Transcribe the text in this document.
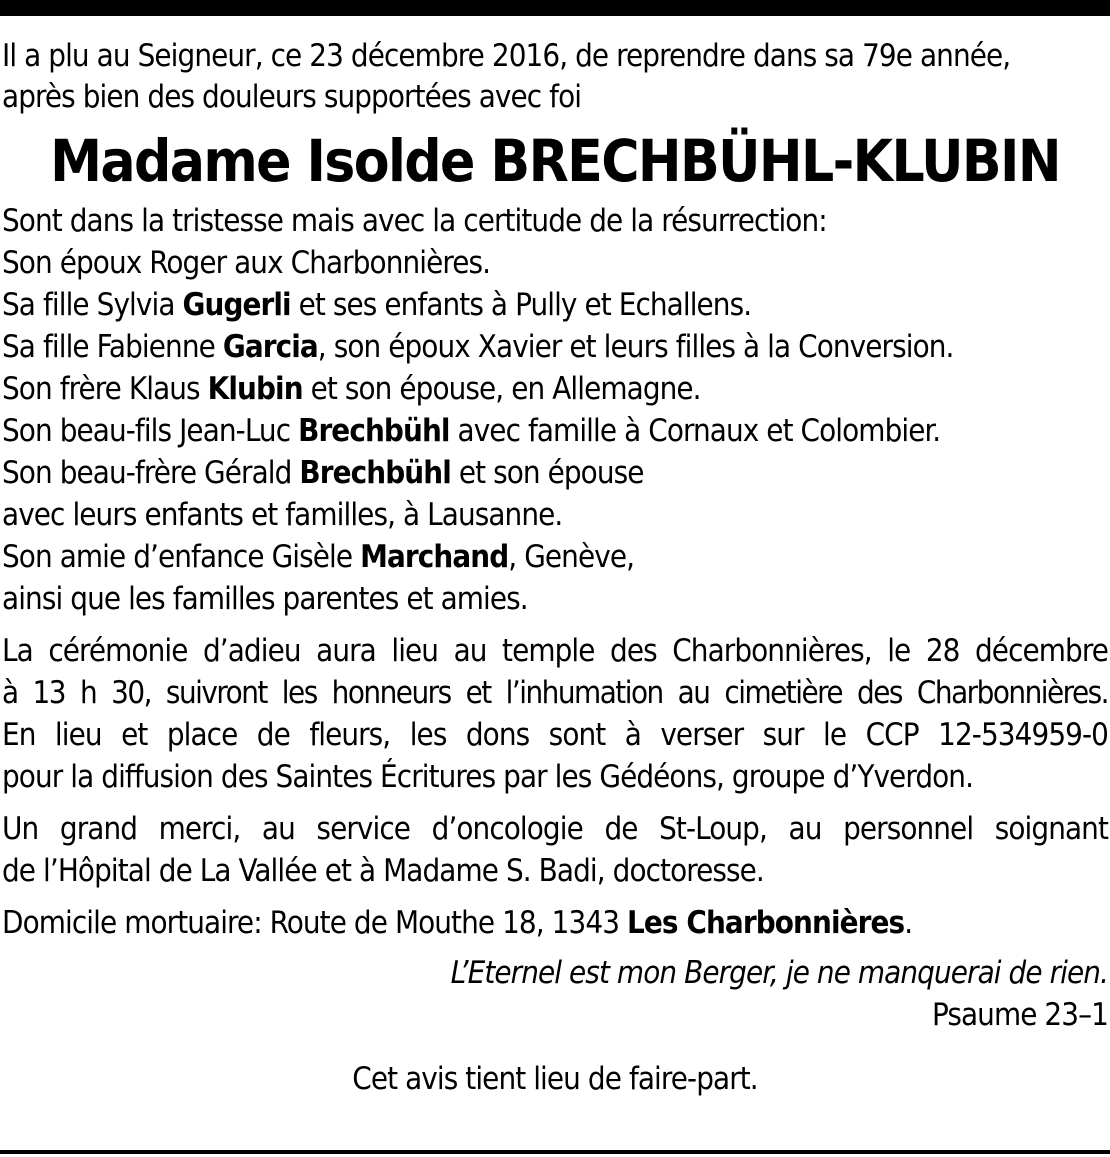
Il a plu au Seigneur, ce 23 décembre 2016, de reprendre dans sa 79e année,

après bien des douleurs supportées avec foi

Madame Isolde BRECHBÜHL-KLUBIN

Sont dans la tristesse mais avec la certitude de la résurrection:

Son époux Roger aux Charbonnières.

Sa fille Sylvia Gugerli et ses enfants à Pully et Echallens.

Sa fille Fabienne Garcia, son époux Xavier et leurs filles à la Conversion.

Son frère Klaus Klubin et son épouse, en Allemagne.

Son beau-fils Jean-Luc Brechbühl avec famille à Cornaux et Colombier.

Son beau-frère Gérald Brechbühl et son épouse

avec leurs enfants et familles, à Lausanne.

Son amie d’enfance Gisèle Marchand, Genève,

ainsi que les familles parentes et amies.

La cérémonie d’adieu aura lieu au temple des Charbonnières, le 28 décembre

à 13 h 30, suivront les honneurs et l’inhumation au cimetière des Charbonnières.

En lieu et place de fleurs, les dons sont à verser sur le CCP 12-534959-0

pour la diffusion des Saintes Écritures par les Gédéons, groupe d’Yverdon.

Un grand merci, au service d’oncologie de St-Loup, au personnel soignant

de l’Hôpital de La Vallée et à Madame S. Badi, doctoresse.

Domicile mortuaire: Route de Mouthe 18, 1343 Les Charbonnières.

L’Eternel est mon Berger, je ne manquerai de rien.

Psaume 23–1

Cet avis tient lieu de faire-part.
